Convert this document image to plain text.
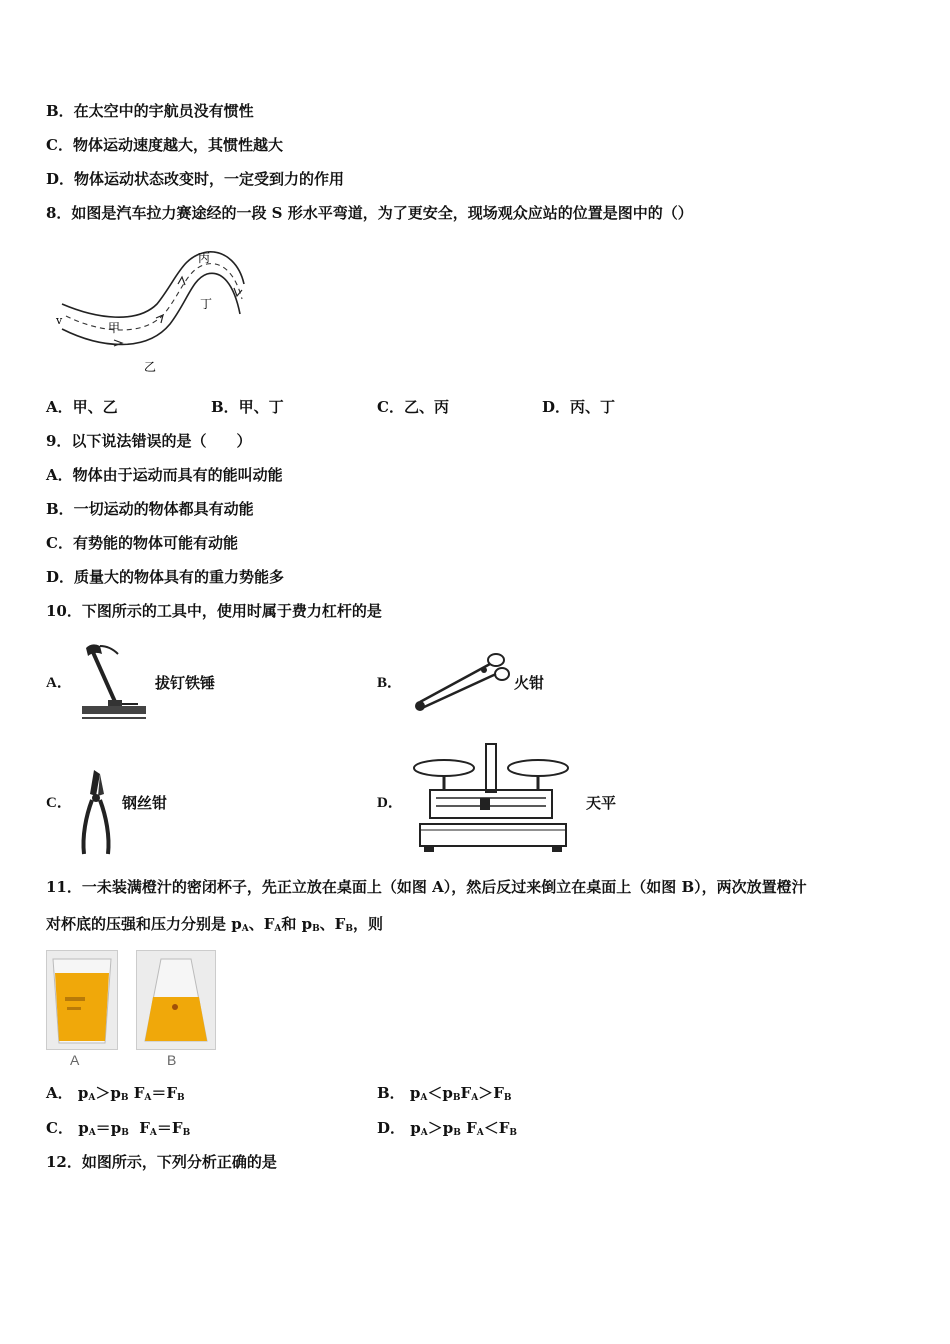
B．在太空中的宇航员没有惯性
C．物体运动速度越大，其惯性越大
D．物体运动状态改变时，一定受到力的作用
8．如图是汽车拉力赛途经的一段 S 形水平弯道，为了更安全，现场观众应站的位置是图中的（）
v
甲
乙
丙
丁
A．甲、乙	B．甲、丁	C．乙、丙	D．丙、丁
9．以下说法错误的是（　　）
A．物体由于运动而具有的能叫动能
B．一切运动的物体都具有动能
C．有势能的物体可能有动能
D．质量大的物体具有的重力势能多
10．下图所示的工具中，使用时属于费力杠杆的是
A．	拔钉铁锤	B．	火钳
C．	钢丝钳	D．	天平
11．一未装满橙汁的密闭杯子，先正立放在桌面上（如图 A），然后反过来倒立在桌面上（如图 B），两次放置橙汁
对杯底的压强和压力分别是 $p_A$、$F_A$和 $p_B$、$F_B$，则
A	B
A． $p_A>p_B$ $F_A=F_B$	B． $p_A<p_BF_A>F_B$
C． $p_A=p_B$ $F_A=F_B$	D． $p_A>p_B$ $F_A<F_B$
12．如图所示，下列分析正确的是
